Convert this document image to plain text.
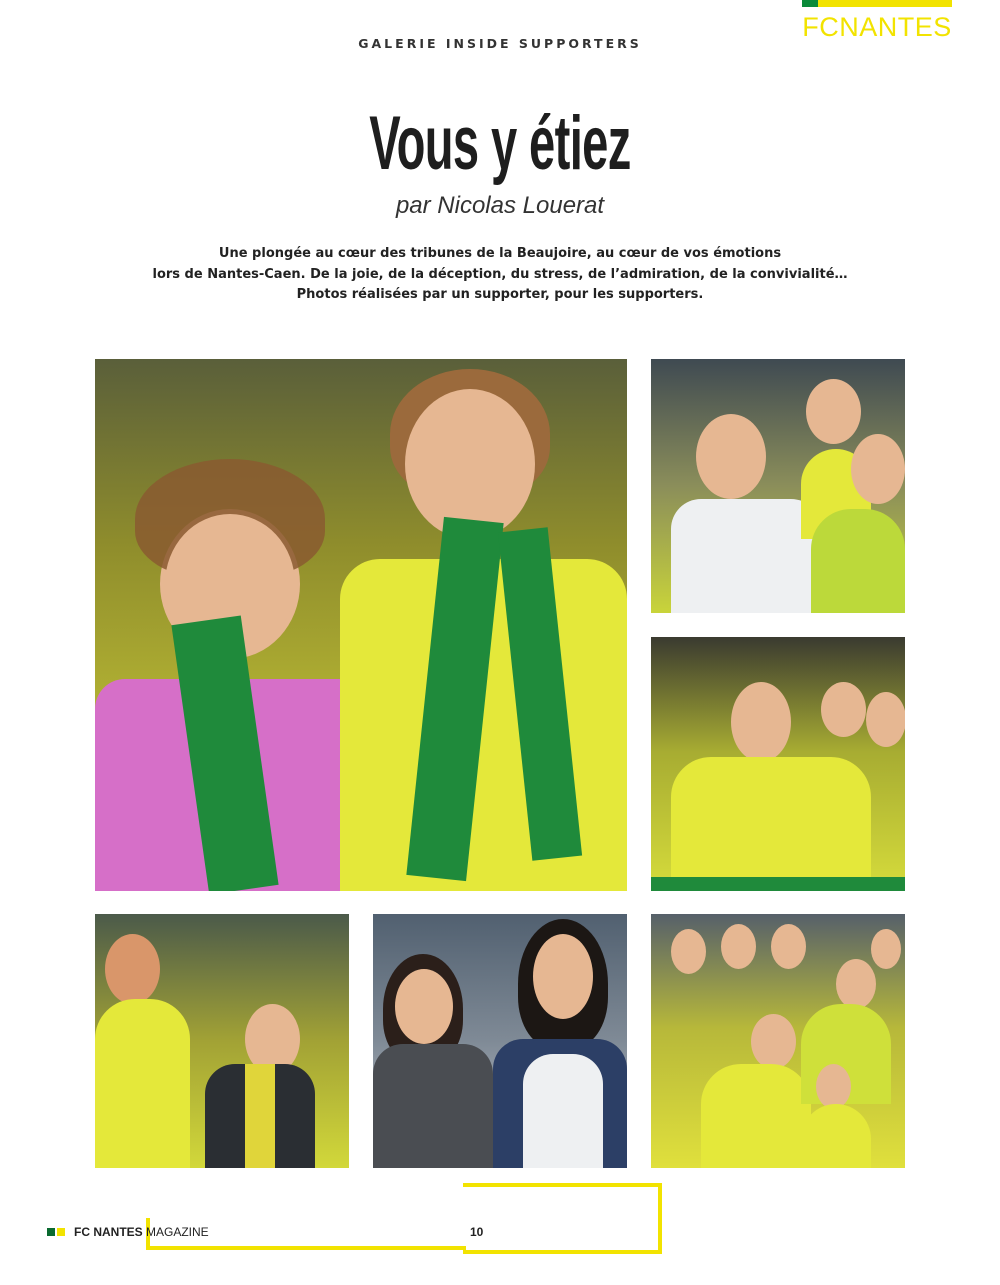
FCNANTES
GALERIE INSIDE SUPPORTERS
Vous y étiez
par Nicolas Louerat
Une plongée au cœur des tribunes de la Beaujoire, au cœur de vos émotions
lors de Nantes-Caen. De la joie, de la déception, du stress, de l’admiration, de la convivialité…
Photos réalisées par un supporter, pour les supporters.
FC NANTES MAGAZINE	10
